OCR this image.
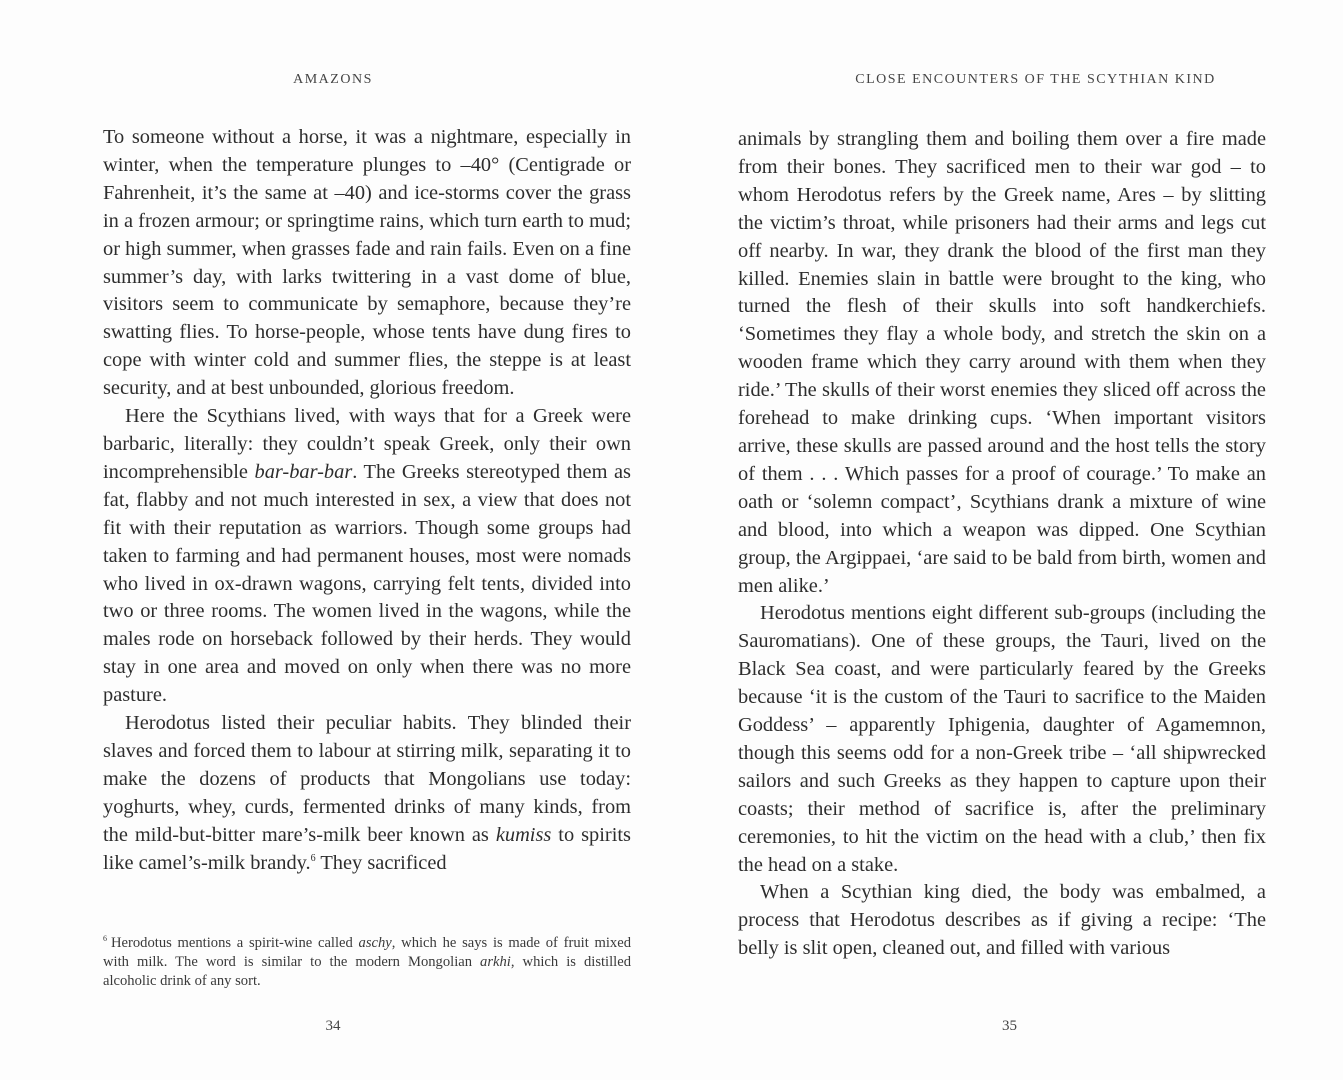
AMAZONS

To someone without a horse, it was a nightmare, especially in winter, when the temperature plunges to –40° (Centigrade or Fahrenheit, it’s the same at –40) and ice-storms cover the grass in a frozen armour; or springtime rains, which turn earth to mud; or high summer, when grasses fade and rain fails. Even on a fine summer’s day, with larks twittering in a vast dome of blue, visitors seem to communicate by semaphore, because they’re swatting flies. To horse-people, whose tents have dung fires to cope with winter cold and summer flies, the steppe is at least security, and at best unbounded, glorious freedom.

Here the Scythians lived, with ways that for a Greek were barbaric, literally: they couldn’t speak Greek, only their own incomprehensible bar-bar-bar. The Greeks stereotyped them as fat, flabby and not much interested in sex, a view that does not fit with their reputation as warriors. Though some groups had taken to farming and had permanent houses, most were nomads who lived in ox-drawn wagons, carrying felt tents, divided into two or three rooms. The women lived in the wagons, while the males rode on horseback followed by their herds. They would stay in one area and moved on only when there was no more pasture.

Herodotus listed their peculiar habits. They blinded their slaves and forced them to labour at stirring milk, separating it to make the dozens of products that Mongolians use today: yoghurts, whey, curds, fermented drinks of many kinds, from the mild-but-bitter mare’s-milk beer known as kumiss to spirits like camel’s-milk brandy.$^6$ They sacrificed

$^6$ Herodotus mentions a spirit-wine called aschy, which he says is made of fruit mixed with milk. The word is similar to the modern Mongolian arkhi, which is distilled alcoholic drink of any sort.
34
CLOSE ENCOUNTERS OF THE SCYTHIAN KIND

animals by strangling them and boiling them over a fire made from their bones. They sacrificed men to their war god – to whom Herodotus refers by the Greek name, Ares – by slitting the victim’s throat, while prisoners had their arms and legs cut off nearby. In war, they drank the blood of the first man they killed. Enemies slain in battle were brought to the king, who turned the flesh of their skulls into soft handkerchiefs. ‘Sometimes they flay a whole body, and stretch the skin on a wooden frame which they carry around with them when they ride.’ The skulls of their worst enemies they sliced off across the forehead to make drinking cups. ‘When important visitors arrive, these skulls are passed around and the host tells the story of them . . . Which passes for a proof of courage.’ To make an oath or ‘solemn compact’, Scythians drank a mixture of wine and blood, into which a weapon was dipped. One Scythian group, the Argippaei, ‘are said to be bald from birth, women and men alike.’

Herodotus mentions eight different sub-groups (including the Sauromatians). One of these groups, the Tauri, lived on the Black Sea coast, and were particularly feared by the Greeks because ‘it is the custom of the Tauri to sacrifice to the Maiden Goddess’ – apparently Iphigenia, daughter of Agamemnon, though this seems odd for a non-Greek tribe – ‘all shipwrecked sailors and such Greeks as they happen to capture upon their coasts; their method of sacrifice is, after the preliminary ceremonies, to hit the victim on the head with a club,’ then fix the head on a stake.

When a Scythian king died, the body was embalmed, a process that Herodotus describes as if giving a recipe: ‘The belly is slit open, cleaned out, and filled with various

35
